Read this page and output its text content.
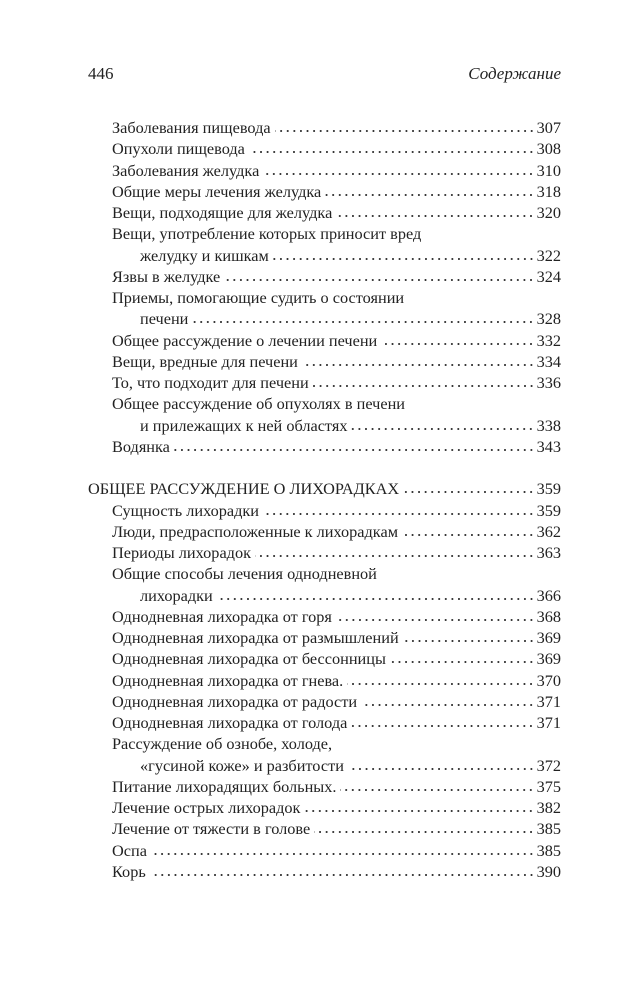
446	Содержание
Заболевания пищевода	307
Опухоли пищевода	308
Заболевания желудка	310
Общие меры лечения желудка	318
Вещи, подходящие для желудка	320
Вещи, употребление которых приносит вред
желудку и кишкам	322
Язвы в желудке	324
Приемы, помогающие судить о состоянии
печени	328
Общее рассуждение о лечении печени	332
Вещи, вредные для печени	334
То, что подходит для печени	336
Общее рассуждение об опухолях в печени
и прилежащих к ней областях	338
Водянка	343
ОБЩЕЕ РАССУЖДЕНИЕ О ЛИХОРАДКАХ	359
Сущность лихорадки	359
Люди, предрасположенные к лихорадкам	362
Периоды лихорадок	363
Общие способы лечения однодневной
лихорадки	366
Однодневная лихорадка от горя	368
Однодневная лихорадка от размышлений	369
Однодневная лихорадка от бессонницы	369
Однодневная лихорадка от гнева.	370
Однодневная лихорадка от радости	371
Однодневная лихорадка от голода	371
Рассуждение об ознобе, холоде,
«гусиной коже» и разбитости	372
Питание лихорадящих больных.	375
Лечение острых лихорадок	382
Лечение от тяжести в голове	385
Оспа	385
Корь	390
